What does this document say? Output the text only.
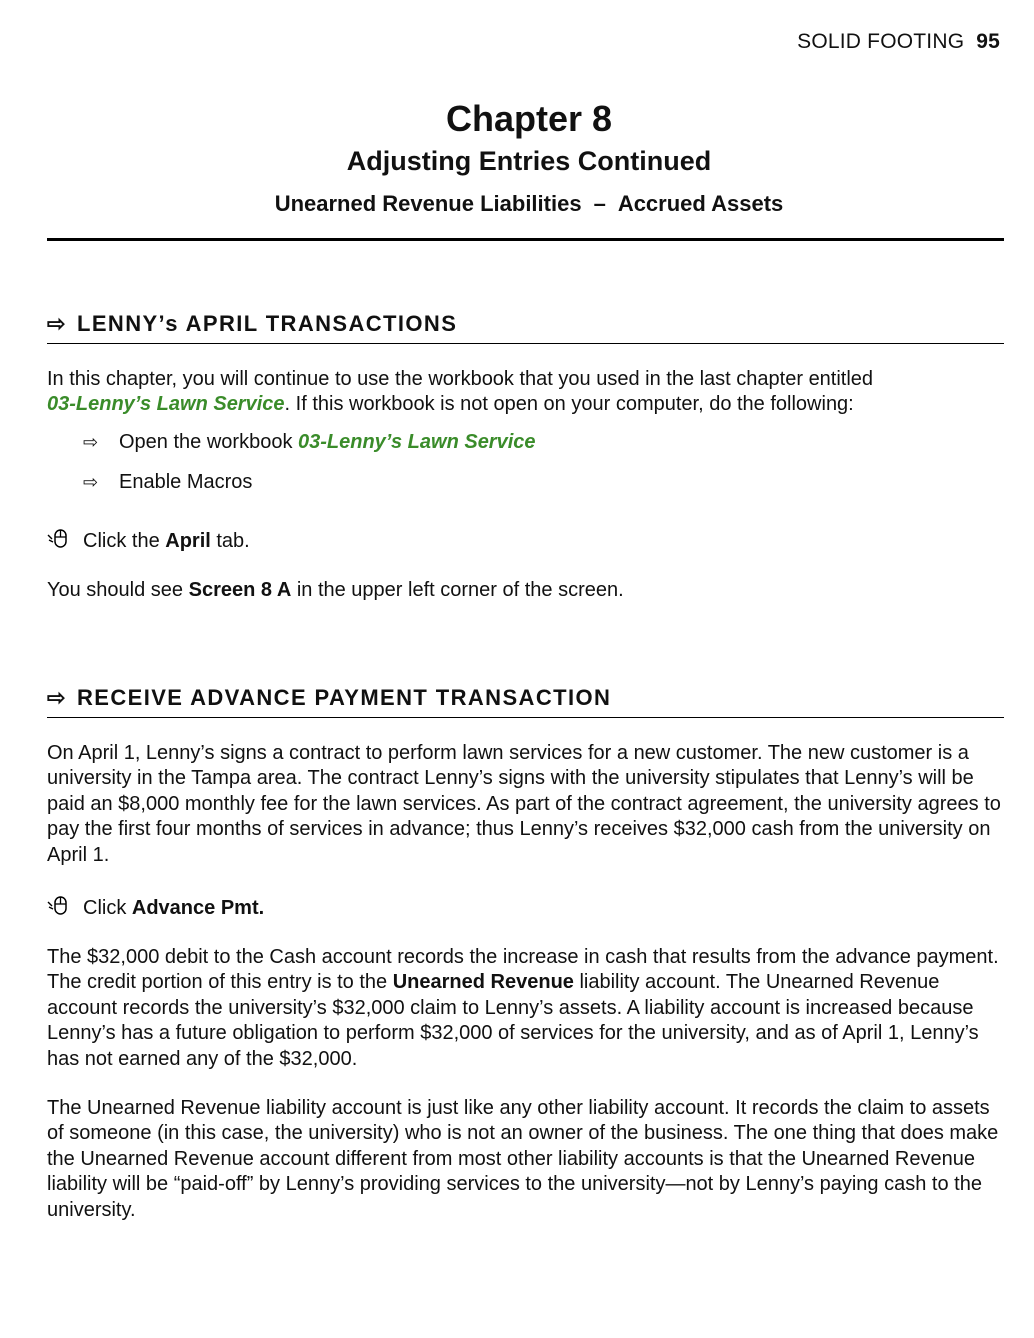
SOLID FOOTING 95
Chapter 8
Adjusting Entries Continued
Unearned Revenue Liabilities – Accrued Assets
⇨ LENNY’s APRIL TRANSACTIONS
In this chapter, you will continue to use the workbook that you used in the last chapter entitled
03-Lenny’s Lawn Service. If this workbook is not open on your computer, do the following:
⇨ Open the workbook 03-Lenny’s Lawn Service
⇨ Enable Macros
Click the April tab.
You should see Screen 8 A in the upper left corner of the screen.
⇨ RECEIVE ADVANCE PAYMENT TRANSACTION
On April 1, Lenny’s signs a contract to perform lawn services for a new customer. The new customer is a university in the Tampa area. The contract Lenny’s signs with the university stipulates that Lenny’s will be paid an $8,000 monthly fee for the lawn services. As part of the contract agreement, the university agrees to pay the first four months of services in advance; thus Lenny’s receives $32,000 cash from the university on April 1.
Click Advance Pmt.
The $32,000 debit to the Cash account records the increase in cash that results from the advance payment. The credit portion of this entry is to the Unearned Revenue liability account. The Unearned Revenue account records the university’s $32,000 claim to Lenny’s assets. A liability account is increased because Lenny’s has a future obligation to perform $32,000 of services for the university, and as of April 1, Lenny’s has not earned any of the $32,000.
The Unearned Revenue liability account is just like any other liability account. It records the claim to assets of someone (in this case, the university) who is not an owner of the business. The one thing that does make the Unearned Revenue account different from most other liability accounts is that the Unearned Revenue liability will be “paid-off” by Lenny’s providing services to the university—not by Lenny’s paying cash to the university.
